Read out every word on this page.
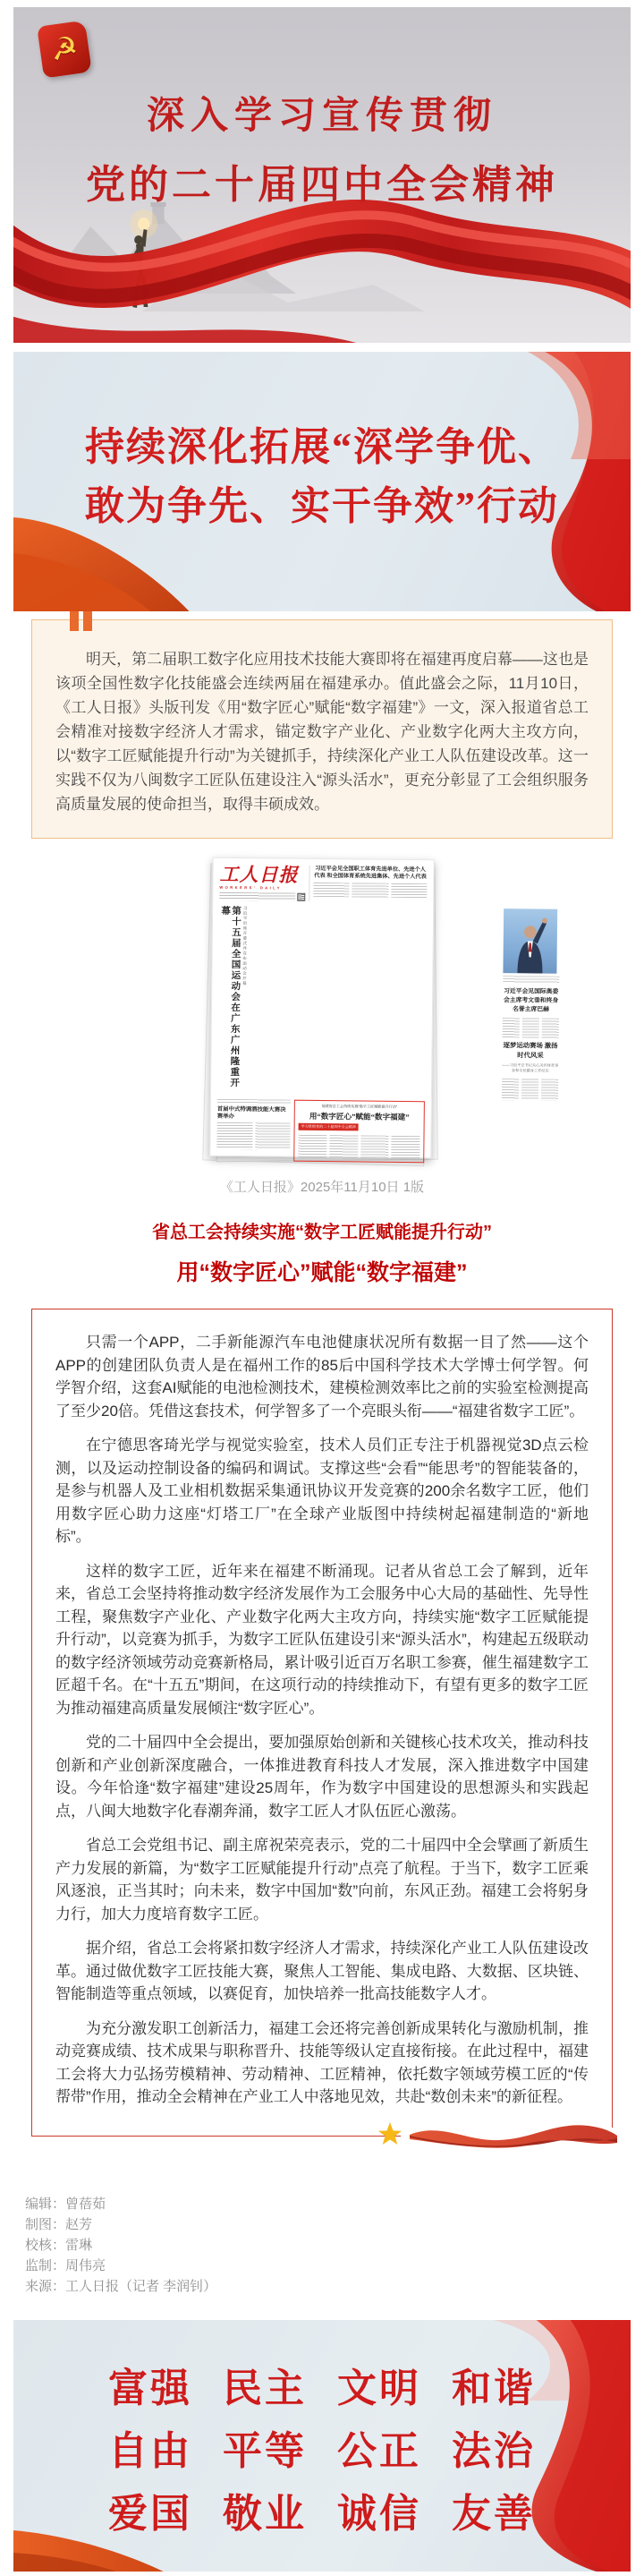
☭
深入学习宣传贯彻
党的二十届四中全会精神
持续深化拓展“深学争优、
敢为争先、实干争效”行动
明天，第二届职工数字化应用技术技能大赛即将在福建再度启幕——这也是该项全国性数字化技能盛会连续两届在福建承办。值此盛会之际，11月10日，《工人日报》头版刊发《用“数字匠心”赋能“数字福建”》一文，深入报道省总工会精准对接数字经济人才需求，锚定数字产业化、产业数字化两大主攻方向，以“数字工匠赋能提升行动”为关键抓手，持续深化产业工人队伍建设改革。这一实践不仅为八闽数字工匠队伍建设注入“源头活水”，更充分彰显了工会组织服务高质量发展的使命担当，取得丰硕成效。
工人日报
WORKERS' DAILY
习近平会见全国职工体育先进单位、先进个人代表 和全国体育系统先进集体、先进个人代表
第十五届全国运动会在广东广州隆重开幕	习近平出席开幕式并宣布运动会开幕
习近平会见国际奥委会主席考文垂和终身名誉主席巴赫
逐梦运动赛场 激扬时代风采
——习近平总书记关心关怀体育事业和全民健身工作纪实
首届中式特调酒技能大赛决赛举办
福建省总工会持续实施“数字工匠赋能提升行动”
用“数字匠心”赋能“数字福建”
学习贯彻党的二十届四中全会精神
《工人日报》2025年11月10日 1版
省总工会持续实施“数字工匠赋能提升行动”
用“数字匠心”赋能“数字福建”

只需一个APP，二手新能源汽车电池健康状况所有数据一目了然——这个APP的创建团队负责人是在福州工作的85后中国科学技术大学博士何学智。何学智介绍，这套AI赋能的电池检测技术，建模检测效率比之前的实验室检测提高了至少20倍。凭借这套技术，何学智多了一个亮眼头衔——“福建省数字工匠”。

在宁德思客琦光学与视觉实验室，技术人员们正专注于机器视觉3D点云检测，以及运动控制设备的编码和调试。支撑这些“会看”“能思考”的智能装备的，是参与机器人及工业相机数据采集通讯协议开发竞赛的200余名数字工匠，他们用数字匠心助力这座“灯塔工厂”在全球产业版图中持续树起福建制造的“新地标”。

这样的数字工匠，近年来在福建不断涌现。记者从省总工会了解到，近年来，省总工会坚持将推动数字经济发展作为工会服务中心大局的基础性、先导性工程，聚焦数字产业化、产业数字化两大主攻方向，持续实施“数字工匠赋能提升行动”，以竞赛为抓手，为数字工匠队伍建设引来“源头活水”，构建起五级联动的数字经济领域劳动竞赛新格局，累计吸引近百万名职工参赛，催生福建数字工匠超千名。在“十五五”期间，在这项行动的持续推动下，有望有更多的数字工匠为推动福建高质量发展倾注“数字匠心”。

党的二十届四中全会提出，要加强原始创新和关键核心技术攻关，推动科技创新和产业创新深度融合，一体推进教育科技人才发展，深入推进数字中国建设。今年恰逢“数字福建”建设25周年，作为数字中国建设的思想源头和实践起点，八闽大地数字化春潮奔涌，数字工匠人才队伍匠心激荡。

省总工会党组书记、副主席祝荣亮表示，党的二十届四中全会擘画了新质生产力发展的新篇，为“数字工匠赋能提升行动”点亮了航程。于当下，数字工匠乘风逐浪，正当其时；向未来，数字中国加“数”向前，东风正劲。福建工会将躬身力行，加大力度培育数字工匠。

据介绍，省总工会将紧扣数字经济人才需求，持续深化产业工人队伍建设改革。通过做优数字工匠技能大赛，聚焦人工智能、集成电路、大数据、区块链、智能制造等重点领域，以赛促育，加快培养一批高技能数字人才。

为充分激发职工创新活力，福建工会还将完善创新成果转化与激励机制，推动竞赛成绩、技术成果与职称晋升、技能等级认定直接衔接。在此过程中，福建工会将大力弘扬劳模精神、劳动精神、工匠精神，依托数字领域劳模工匠的“传帮带”作用，推动全会精神在产业工人中落地见效，共赴“数创未来”的新征程。

编辑：曾蓓茹
制图：赵芳
校核：雷琳
监制：周伟亮
来源：工人日报（记者 李润钊）
富强 民主 文明 和谐
自由 平等 公正 法治
爱国 敬业 诚信 友善
